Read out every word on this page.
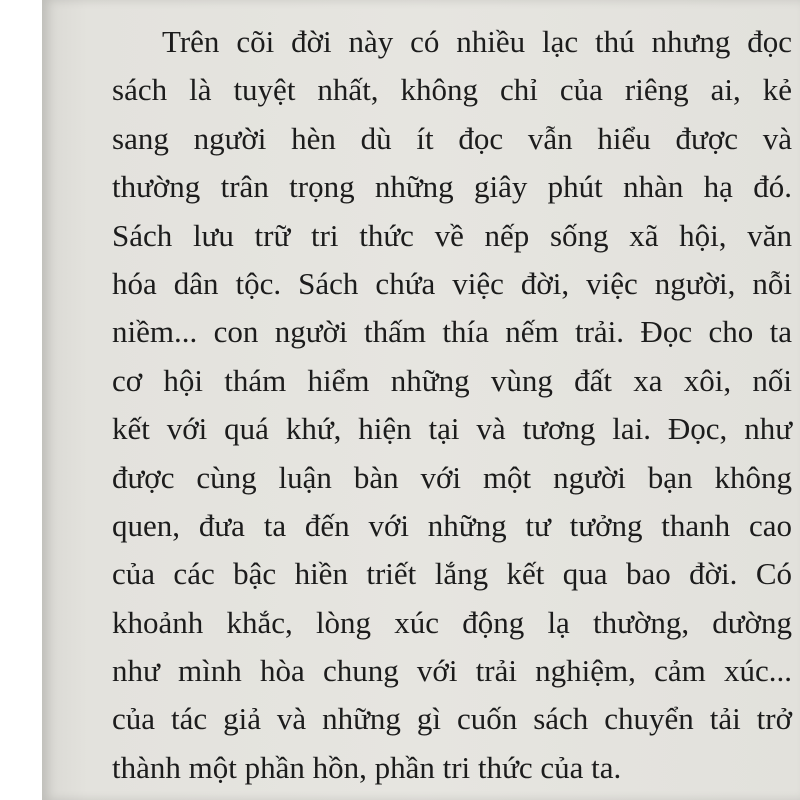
Trên cõi đời này có nhiều lạc thú nhưng đọc
sách là tuyệt nhất, không chỉ của riêng ai, kẻ
sang người hèn dù ít đọc vẫn hiểu được và
thường trân trọng những giây phút nhàn hạ đó.
Sách lưu trữ tri thức về nếp sống xã hội, văn
hóa dân tộc. Sách chứa việc đời, việc người, nỗi
niềm... con người thấm thía nếm trải. Đọc cho ta
cơ hội thám hiểm những vùng đất xa xôi, nối
kết với quá khứ, hiện tại và tương lai. Đọc, như
được cùng luận bàn với một người bạn không
quen, đưa ta đến với những tư tưởng thanh cao
của các bậc hiền triết lắng kết qua bao đời. Có
khoảnh khắc, lòng xúc động lạ thường, dường
như mình hòa chung với trải nghiệm, cảm xúc...
của tác giả và những gì cuốn sách chuyển tải trở
thành một phần hồn, phần tri thức của ta.
